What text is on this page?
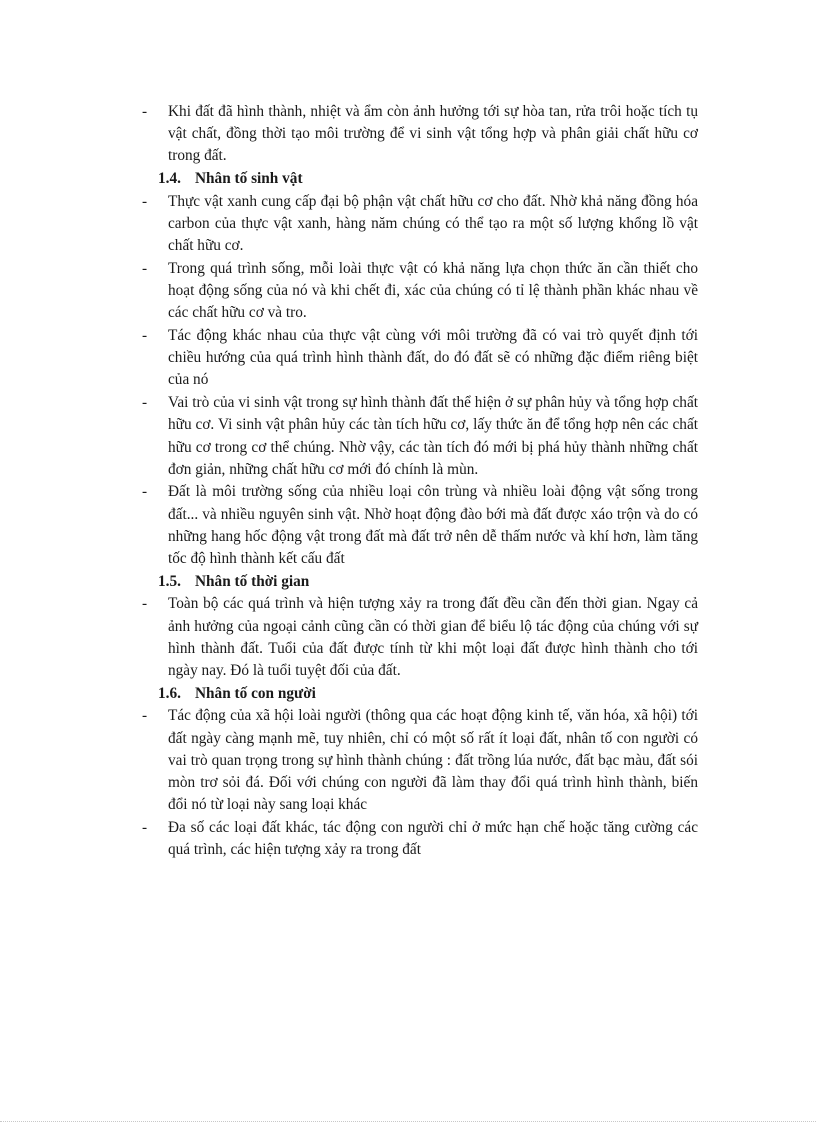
-	Khi đất đã hình thành, nhiệt và ẩm còn ảnh hưởng tới sự hòa tan, rửa trôi hoặc tích tụ vật chất, đồng thời tạo môi trường để vi sinh vật tổng hợp và phân giải chất hữu cơ trong đất.
1.4. Nhân tố sinh vật
-	Thực vật xanh cung cấp đại bộ phận vật chất hữu cơ cho đất. Nhờ khả năng đồng hóa carbon của thực vật xanh, hàng năm chúng có thể tạo ra một số lượng khổng lồ vật chất hữu cơ.
-	Trong quá trình sống, mỗi loài thực vật có khả năng lựa chọn thức ăn cần thiết cho hoạt động sống của nó và khi chết đi, xác của chúng có tỉ lệ thành phần khác nhau về các chất hữu cơ và tro.
-	Tác động khác nhau của thực vật cùng với môi trường đã có vai trò quyết định tới chiều hướng của quá trình hình thành đất, do đó đất sẽ có những đặc điểm riêng biệt của nó
-	Vai trò của vi sinh vật trong sự hình thành đất thể hiện ở sự phân hủy và tổng hợp chất hữu cơ. Vi sinh vật phân hủy các tàn tích hữu cơ, lấy thức ăn để tổng hợp nên các chất hữu cơ trong cơ thể chúng. Nhờ vậy, các tàn tích đó mới bị phá hủy thành những chất đơn giản, những chất hữu cơ mới đó chính là mùn.
-	Đất là môi trường sống của nhiều loại côn trùng và nhiều loài động vật sống trong đất... và nhiều nguyên sinh vật. Nhờ hoạt động đào bới mà đất được xáo trộn và do có những hang hốc động vật trong đất mà đất trở nên dễ thấm nước và khí hơn, làm tăng tốc độ hình thành kết cấu đất
1.5. Nhân tố thời gian
-	Toàn bộ các quá trình và hiện tượng xảy ra trong đất đều cần đến thời gian. Ngay cả ảnh hưởng của ngoại cảnh cũng cần có thời gian để biểu lộ tác động của chúng với sự hình thành đất. Tuổi của đất được tính từ khi một loại đất được hình thành cho tới ngày nay. Đó là tuổi tuyệt đối của đất.
1.6. Nhân tố con người
-	Tác động của xã hội loài người (thông qua các hoạt động kinh tế, văn hóa, xã hội) tới đất ngày càng mạnh mẽ, tuy nhiên, chỉ có một số rất ít loại đất, nhân tố con người có vai trò quan trọng trong sự hình thành chúng : đất trồng lúa nước, đất bạc màu, đất sói mòn trơ sỏi đá. Đối với chúng con người đã làm thay đổi quá trình hình thành, biến đổi nó từ loại này sang loại khác
-	Đa số các loại đất khác, tác động con người chỉ ở mức hạn chế hoặc tăng cường các quá trình, các hiện tượng xảy ra trong đất
